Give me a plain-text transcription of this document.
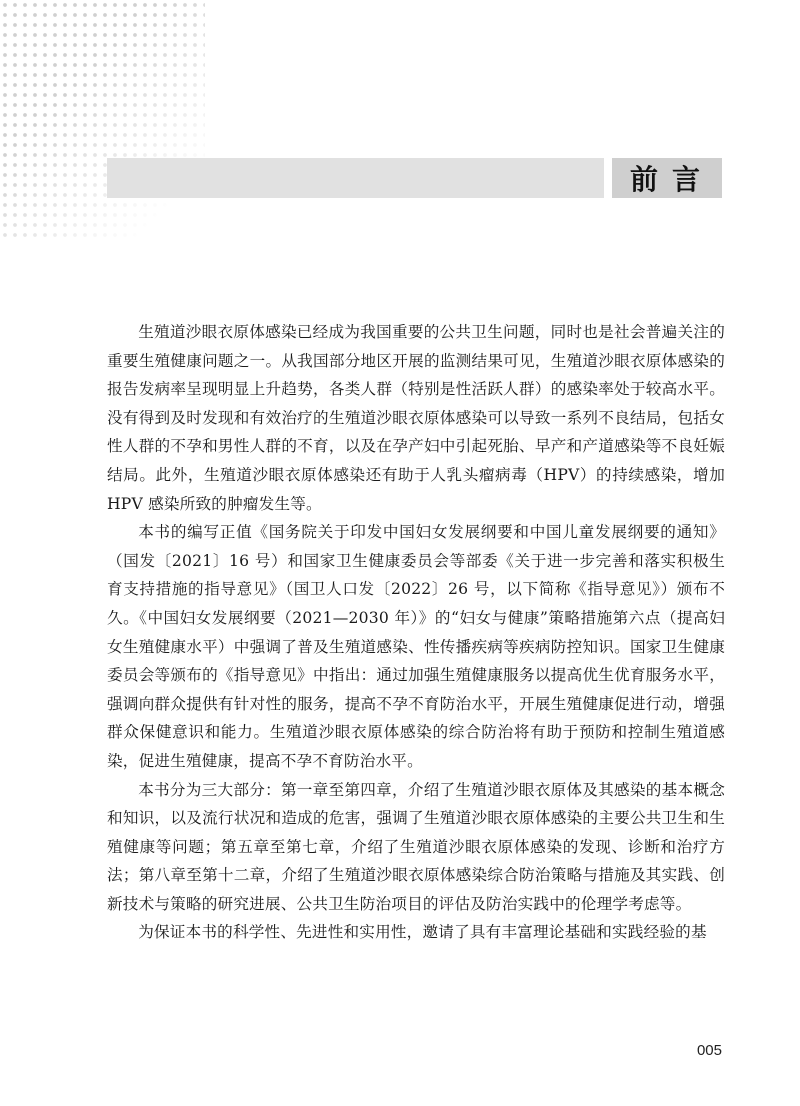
前言

生殖道沙眼衣原体感染已经成为我国重要的公共卫生问题，同时也是社会普遍关注的重要生殖健康问题之一。从我国部分地区开展的监测结果可见，生殖道沙眼衣原体感染的报告发病率呈现明显上升趋势，各类人群（特别是性活跃人群）的感染率处于较高水平。没有得到及时发现和有效治疗的生殖道沙眼衣原体感染可以导致一系列不良结局，包括女性人群的不孕和男性人群的不育，以及在孕产妇中引起死胎、早产和产道感染等不良妊娠结局。此外，生殖道沙眼衣原体感染还有助于人乳头瘤病毒（HPV）的持续感染，增加HPV 感染所致的肿瘤发生等。

本书的编写正值《国务院关于印发中国妇女发展纲要和中国儿童发展纲要的通知》（国发〔2021〕16 号）和国家卫生健康委员会等部委《关于进一步完善和落实积极生育支持措施的指导意见》（国卫人口发〔2022〕26 号，以下简称《指导意见》）颁布不久。《中国妇女发展纲要（2021—2030 年）》的“妇女与健康”策略措施第六点（提高妇女生殖健康水平）中强调了普及生殖道感染、性传播疾病等疾病防控知识。国家卫生健康委员会等颁布的《指导意见》中指出：通过加强生殖健康服务以提高优生优育服务水平，强调向群众提供有针对性的服务，提高不孕不育防治水平，开展生殖健康促进行动，增强群众保健意识和能力。生殖道沙眼衣原体感染的综合防治将有助于预防和控制生殖道感染，促进生殖健康，提高不孕不育防治水平。

本书分为三大部分：第一章至第四章，介绍了生殖道沙眼衣原体及其感染的基本概念和知识，以及流行状况和造成的危害，强调了生殖道沙眼衣原体感染的主要公共卫生和生殖健康等问题；第五章至第七章，介绍了生殖道沙眼衣原体感染的发现、诊断和治疗方法；第八章至第十二章，介绍了生殖道沙眼衣原体感染综合防治策略与措施及其实践、创新技术与策略的研究进展、公共卫生防治项目的评估及防治实践中的伦理学考虑等。

为保证本书的科学性、先进性和实用性，邀请了具有丰富理论基础和实践经验的基

005
